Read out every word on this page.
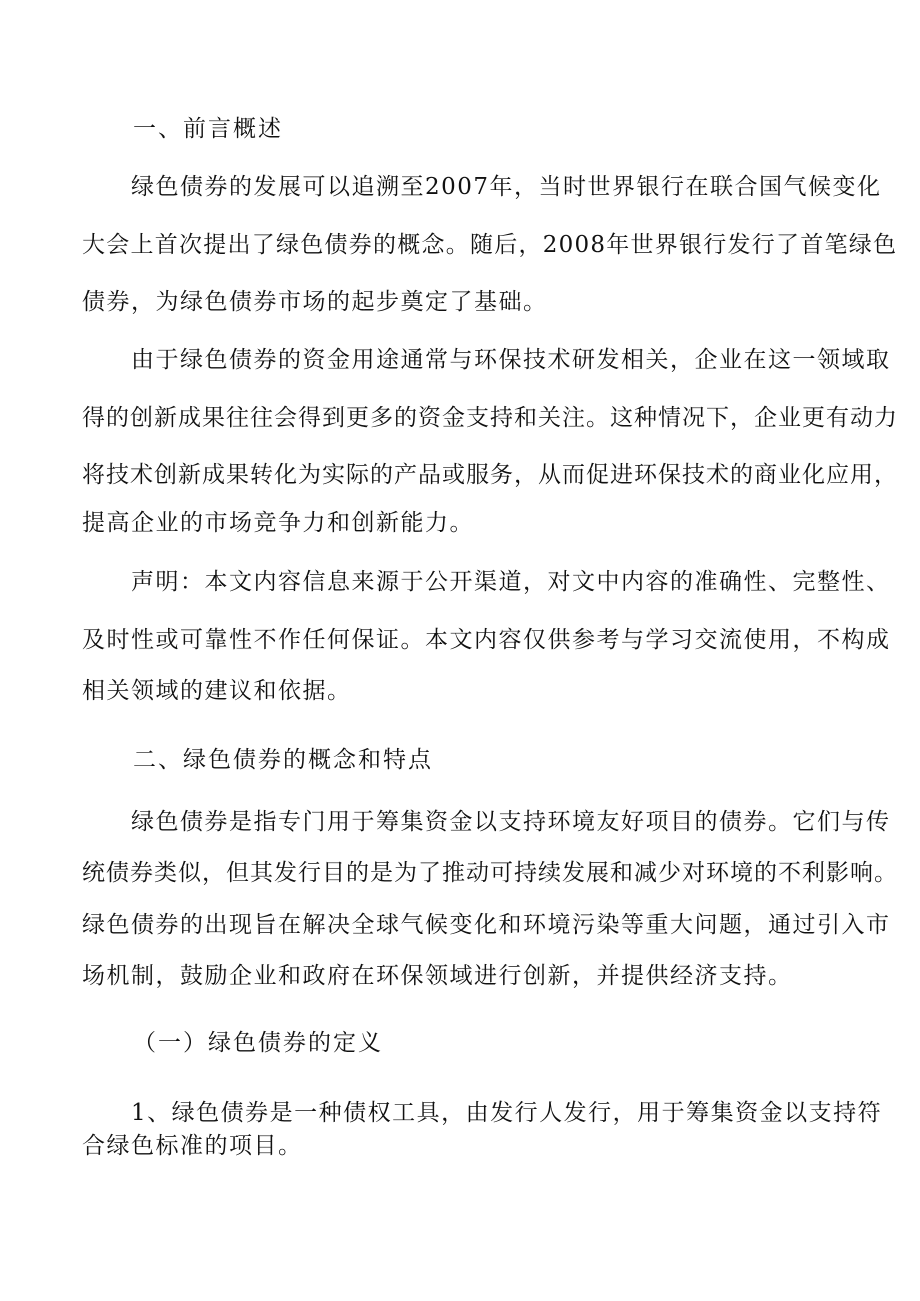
一、前言概述
绿色债券的发展可以追溯至2007年，当时世界银行在联合国气候变化
大会上首次提出了绿色债券的概念。随后，2008年世界银行发行了首笔绿色
债券，为绿色债券市场的起步奠定了基础。
由于绿色债券的资金用途通常与环保技术研发相关，企业在这一领域取
得的创新成果往往会得到更多的资金支持和关注。这种情况下，企业更有动力
将技术创新成果转化为实际的产品或服务，从而促进环保技术的商业化应用，
提高企业的市场竞争力和创新能力。
声明：本文内容信息来源于公开渠道，对文中内容的准确性、完整性、
及时性或可靠性不作任何保证。本文内容仅供参考与学习交流使用，不构成
相关领域的建议和依据。
二、绿色债券的概念和特点
绿色债券是指专门用于筹集资金以支持环境友好项目的债券。它们与传
统债券类似，但其发行目的是为了推动可持续发展和减少对环境的不利影响。
绿色债券的出现旨在解决全球气候变化和环境污染等重大问题，通过引入市
场机制，鼓励企业和政府在环保领域进行创新，并提供经济支持。
（一）绿色债券的定义
1、绿色债券是一种债权工具，由发行人发行，用于筹集资金以支持符
合绿色标准的项目。
